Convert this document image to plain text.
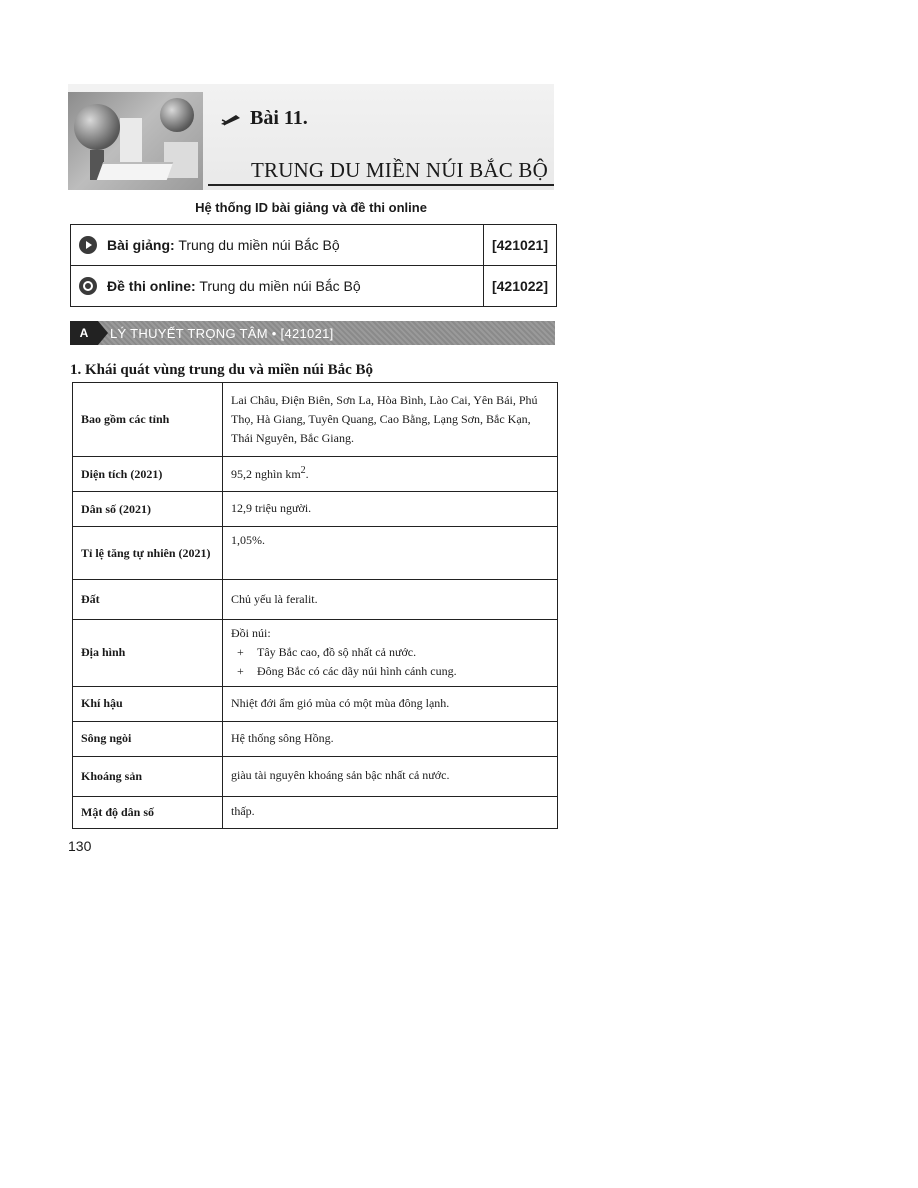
Bài 11.
TRUNG DU MIỀN NÚI BẮC BỘ
Hệ thống ID bài giảng và đề thi online
Bài giảng: Trung du miền núi Bắc Bộ	[421021]
Đề thi online: Trung du miền núi Bắc Bộ	[421022]
A	LÝ THUYẾT TRỌNG TÂM • [421021]
1. Khái quát vùng trung du và miền núi Bắc Bộ
Bao gồm các tỉnh	Lai Châu, Điện Biên, Sơn La, Hòa Bình, Lào Cai, Yên Bái, Phú Thọ, Hà Giang, Tuyên Quang, Cao Bằng, Lạng Sơn, Bắc Kạn, Thái Nguyên, Bắc Giang.
Diện tích (2021)	95,2 nghìn $km^2$.
Dân số (2021)	12,9 triệu người.
Tỉ lệ tăng tự nhiên (2021)	1,05%.
Đất	Chủ yếu là feralit.
Địa hình	Đồi núi:
+ Tây Bắc cao, đồ sộ nhất cả nước.
+ Đông Bắc có các dãy núi hình cánh cung.

Khí hậu	Nhiệt đới ẩm gió mùa có một mùa đông lạnh.
Sông ngòi	Hệ thống sông Hồng.
Khoáng sản	giàu tài nguyên khoáng sản bậc nhất cả nước.
Mật độ dân số	thấp.
130
